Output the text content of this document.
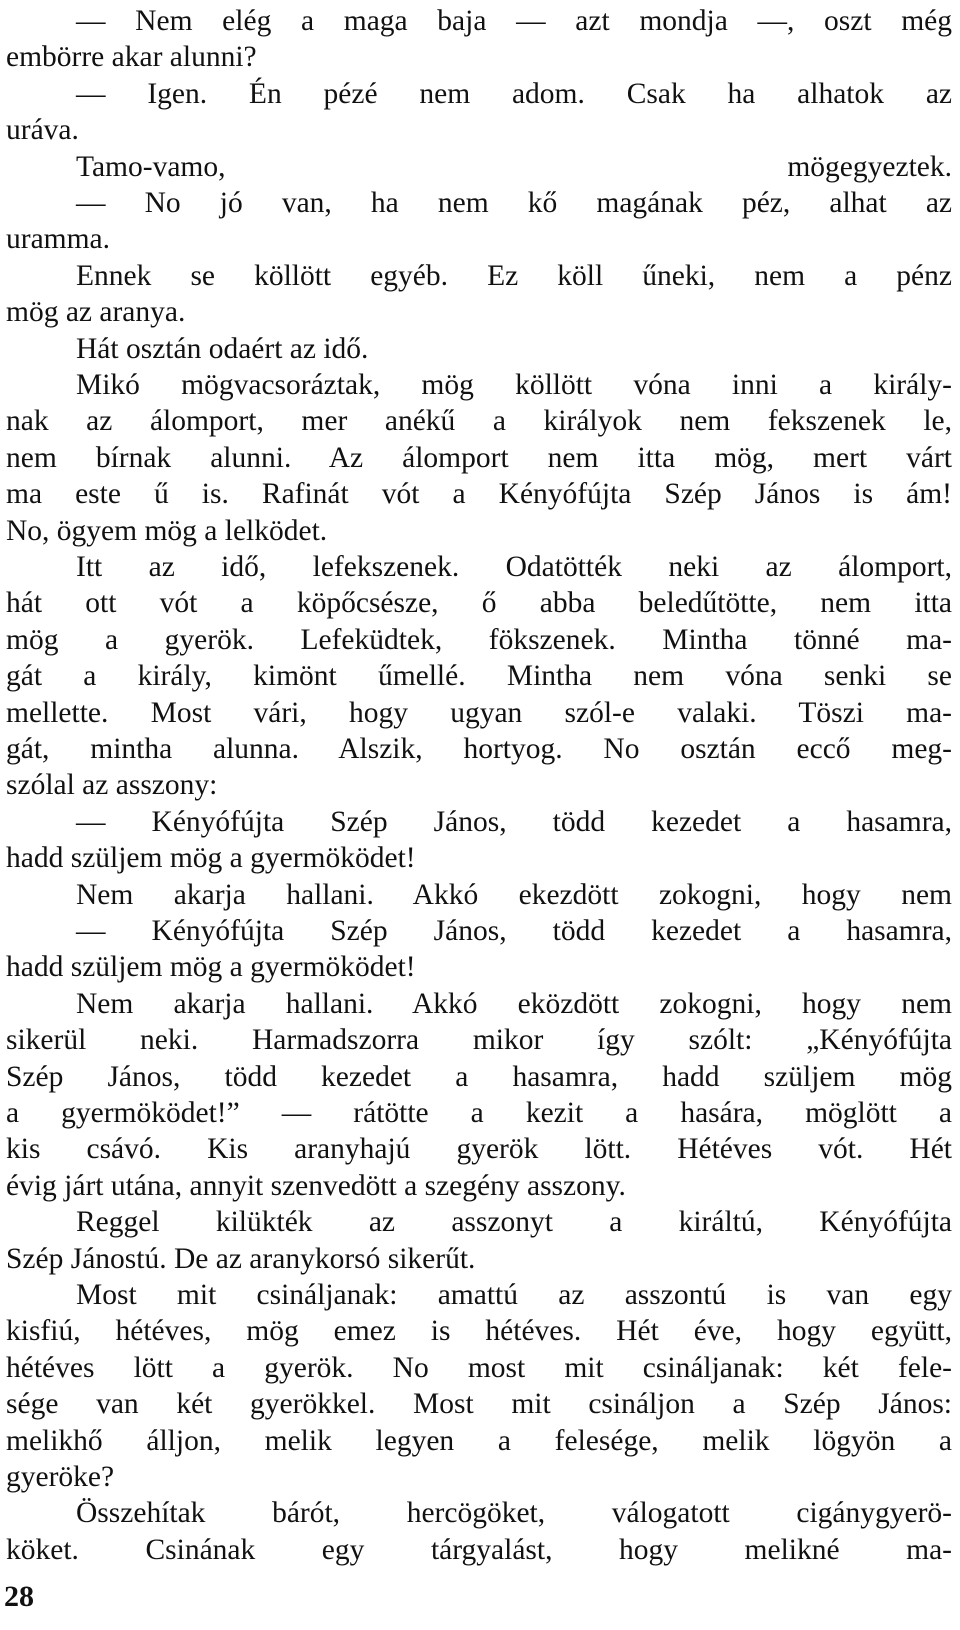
— Nem elég a maga baja — azt mondja —, oszt még
embörre akar alunni?
— Igen. Én pézé nem adom. Csak ha alhatok az
uráva.
Tamo-vamo, mögegyeztek.
— No jó van, ha nem kő magának péz, alhat az
urammа.
Ennek se köllött egyéb. Ez köll űneki, nem a pénz
mög az aranya.
Hát osztán odaért az idő.
Mikó mögvacsoráztak, mög köllött vóna inni a király-
nak az álomport, mer anékű a királyok nem fekszenek le,
nem bírnak alunni. Az álomport nem itta mög, mert várt
ma este ű is. Rafinát vót a Kényófújta Szép János is ám!
No, ögyem mög a lelködet.
Itt az idő, lefekszenek. Odatötték neki az álomport,
hát ott vót a köpőcsésze, ő abba beledűtötte, nem itta
mög a gyerök. Lefeküdtek, fökszenek. Mintha tönné ma-
gát a király, kimönt űmellé. Mintha nem vóna senki se
mellette. Most vári, hogy ugyan szól-e valaki. Töszi ma-
gát, mintha alunna. Alszik, hortyog. No osztán eccő meg-
szólal az asszony:
— Kényófújta Szép János, tödd kezedet a hasamra,
hadd szüljem mög a gyermöködet!
Nem akarja hallani. Akkó ekezdött zokogni, hogy nem
— Kényófújta Szép János, tödd kezedet a hasamra,
hadd szüljem mög a gyermöködet!
Nem akarja hallani. Akkó eközdött zokogni, hogy nem
sikerül neki. Harmadszorra mikor így szólt: „Kényófújta
Szép János, tödd kezedet a hasamra, hadd szüljem mög
a gyermöködet!” — rátötte a kezit a hasára, möglött a
kis csávó. Kis aranyhajú gyerök lött. Hétéves vót. Hét
évig járt utána, annyit szenvedött a szegény asszony.
Reggel kilükték az asszonyt a királtú, Kényófújta
Szép Jánostú. De az aranykorsó sikerűt.
Most mit csináljanak: amattú az asszontú is van egy
kisfiú, hétéves, mög emez is hétéves. Hét éve, hogy együtt,
hétéves lött a gyerök. No most mit csináljanak: két fele-
sége van két gyerökkel. Most mit csináljon a Szép János:
melikhő álljon, melik legyen a felesége, melik lögyön a
gyeröke?
Összehítak bárót, hercögöket, válogatott cigánygyerö-
köket. Csinának egy tárgyalást, hogy melikné ma-
28
